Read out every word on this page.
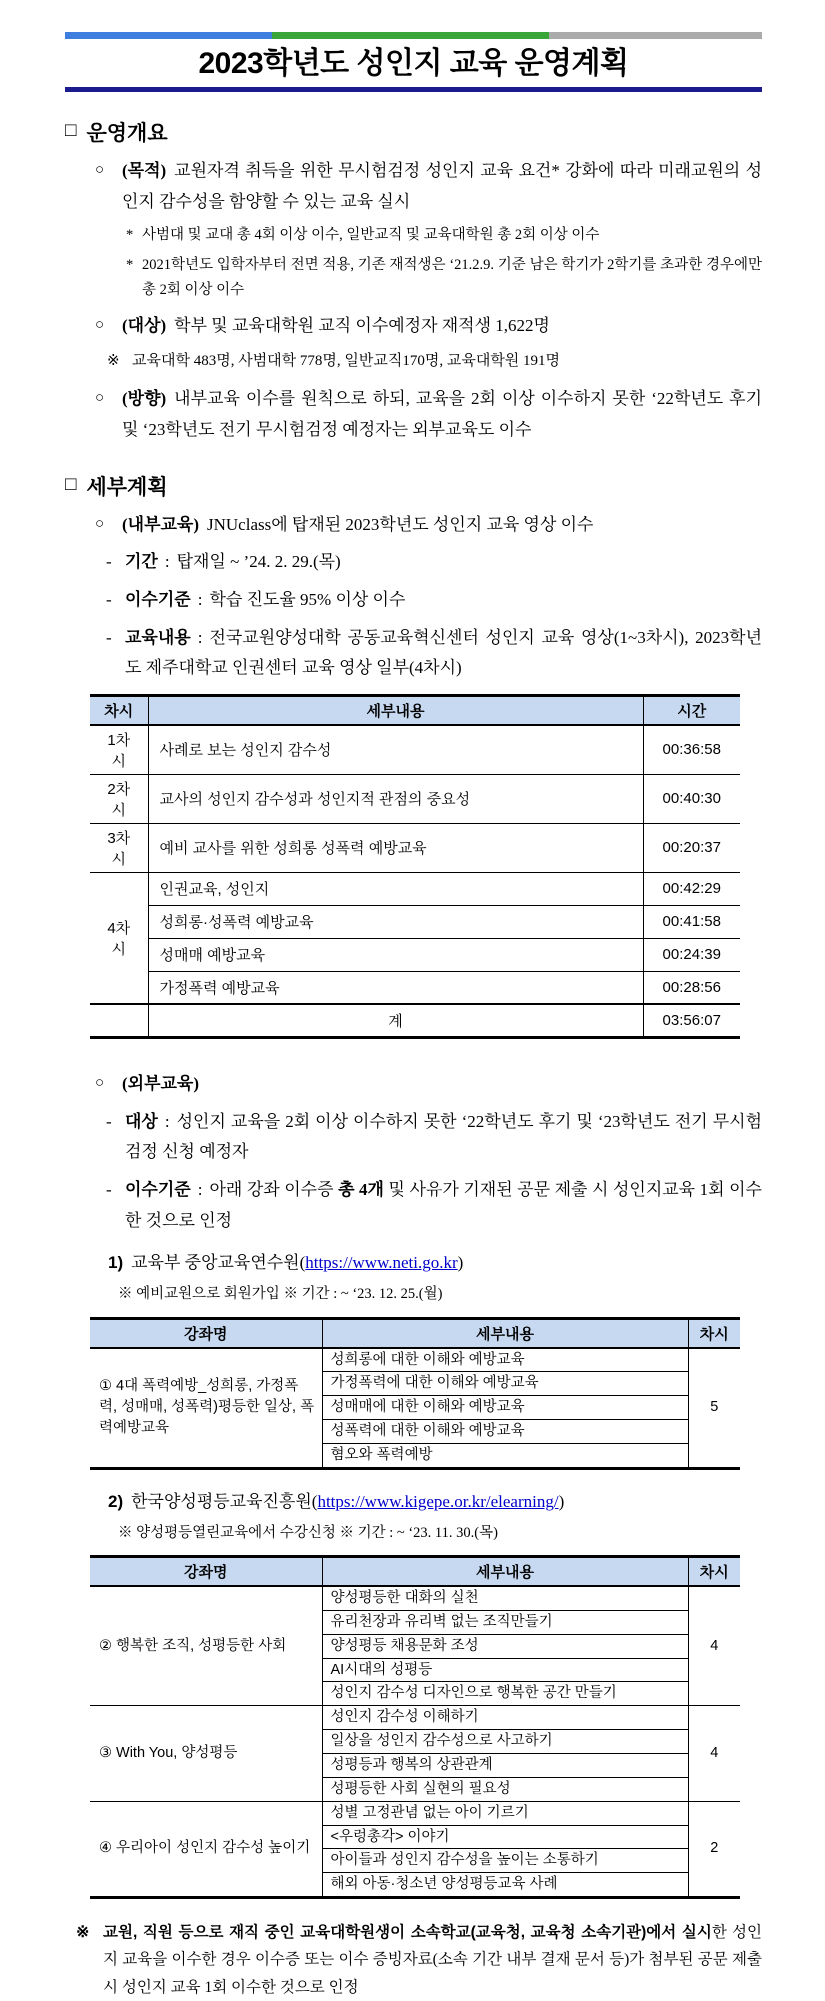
2023학년도 성인지 교육 운영계획
□ 운영개요
○	(목적) 교원자격 취득을 위한 무시험검정 성인지 교육 요건* 강화에 따라 미래교원의 성인지 감수성을 함양할 수 있는 교육 실시
* 사범대 및 교대 총 4회 이상 이수, 일반교직 및 교육대학원 총 2회 이상 이수
* 2021학년도 입학자부터 전면 적용, 기존 재적생은 ‘21.2.9. 기준 남은 학기가 2학기를 초과한 경우에만 총 2회 이상 이수
○	(대상) 학부 및 교육대학원 교직 이수예정자 재적생 1,622명
※ 교육대학 483명, 사범대학 778명, 일반교직170명, 교육대학원 191명
○	(방향) 내부교육 이수를 원칙으로 하되, 교육을 2회 이상 이수하지 못한 ‘22학년도 후기 및 ‘23학년도 전기 무시험검정 예정자는 외부교육도 이수
□ 세부계획
○	(내부교육) JNUclass에 탑재된 2023학년도 성인지 교육 영상 이수
- 기간 : 탑재일 ~ ’24. 2. 29.(목)
- 이수기준 : 학습 진도율 95% 이상 이수
- 교육내용 : 전국교원양성대학 공동교육혁신센터 성인지 교육 영상(1~3차시), 2023학년도 제주대학교 인권센터 교육 영상 일부(4차시)
차시	세부내용	시간
1차시	사례로 보는 성인지 감수성	00:36:58
2차시	교사의 성인지 감수성과 성인지적 관점의 중요성	00:40:30
3차시	예비 교사를 위한 성희롱 성폭력 예방교육	00:20:37
4차시	인권교육, 성인지	00:42:29
	성희롱·성폭력 예방교육	00:41:58
	성매매 예방교육	00:24:39
	가정폭력 예방교육	00:28:56
	계	03:56:07
○	(외부교육)
- 대상 : 성인지 교육을 2회 이상 이수하지 못한 ‘22학년도 후기 및 ‘23학년도 전기 무시험검정 신청 예정자
- 이수기준 : 아래 강좌 이수증 총 4개 및 사유가 기재된 공문 제출 시 성인지교육 1회 이수한 것으로 인정
1) 교육부 중앙교육연수원(https://www.neti.go.kr)
※ 예비교원으로 회원가입 ※ 기간 : ~ ‘23. 12. 25.(월)
강좌명	세부내용	차시
① 4대 폭력예방_성희롱, 가정폭력, 성매매, 성폭력)평등한 일상, 폭력예방교육	성희롱에 대한 이해와 예방교육	5
	가정폭력에 대한 이해와 예방교육	
	성매매에 대한 이해와 예방교육	
	성폭력에 대한 이해와 예방교육	
	혐오와 폭력예방	
2) 한국양성평등교육진흥원(https://www.kigepe.or.kr/elearning/)
※ 양성평등열린교육에서 수강신청 ※ 기간 : ~ ‘23. 11. 30.(목)
강좌명	세부내용	차시
② 행복한 조직, 성평등한 사회	양성평등한 대화의 실천	4
	유리천장과 유리벽 없는 조직만들기	
	양성평등 채용문화 조성	
	AI시대의 성평등	
	성인지 감수성 디자인으로 행복한 공간 만들기	
③ With You, 양성평등	성인지 감수성 이해하기	4
	일상을 성인지 감수성으로 사고하기	
	성평등과 행복의 상관관계	
	성평등한 사회 실현의 필요성	
④ 우리아이 성인지 감수성 높이기	성별 고정관념 없는 아이 기르기	2
	<우렁총각> 이야기	
	아이들과 성인지 감수성을 높이는 소통하기	
	해외 아동·청소년 양성평등교육 사례	
※ 교원, 직원 등으로 재직 중인 교육대학원생이 소속학교(교육청, 교육청 소속기관)에서 실시한 성인지 교육을 이수한 경우 이수증 또는 이수 증빙자료(소속 기간 내부 결재 문서 등)가 첨부된 공문 제출 시 성인지 교육 1회 이수한 것으로 인정
